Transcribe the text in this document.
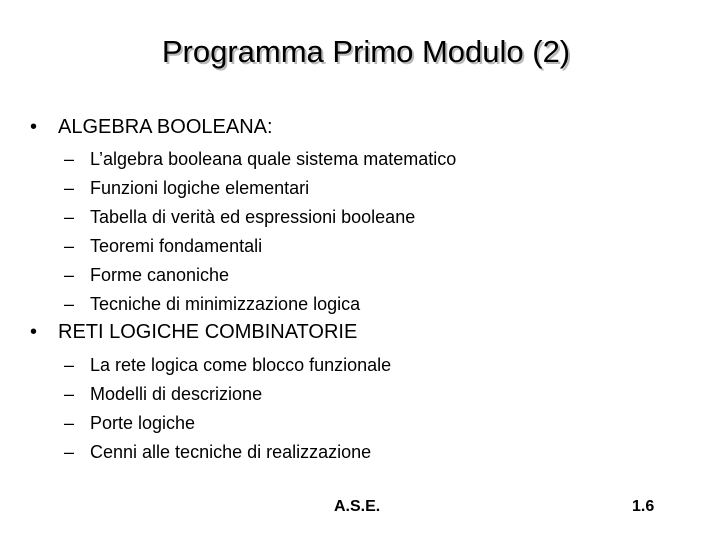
Programma Primo Modulo (2)
• ALGEBRA BOOLEANA:
– L’algebra booleana quale sistema matematico
– Funzioni logiche elementari
– Tabella di verità ed espressioni booleane
– Teoremi fondamentali
– Forme canoniche
– Tecniche di minimizzazione logica
• RETI LOGICHE COMBINATORIE
– La rete logica come blocco funzionale
– Modelli di descrizione
– Porte logiche
– Cenni alle tecniche di realizzazione
A.S.E.	1.6
